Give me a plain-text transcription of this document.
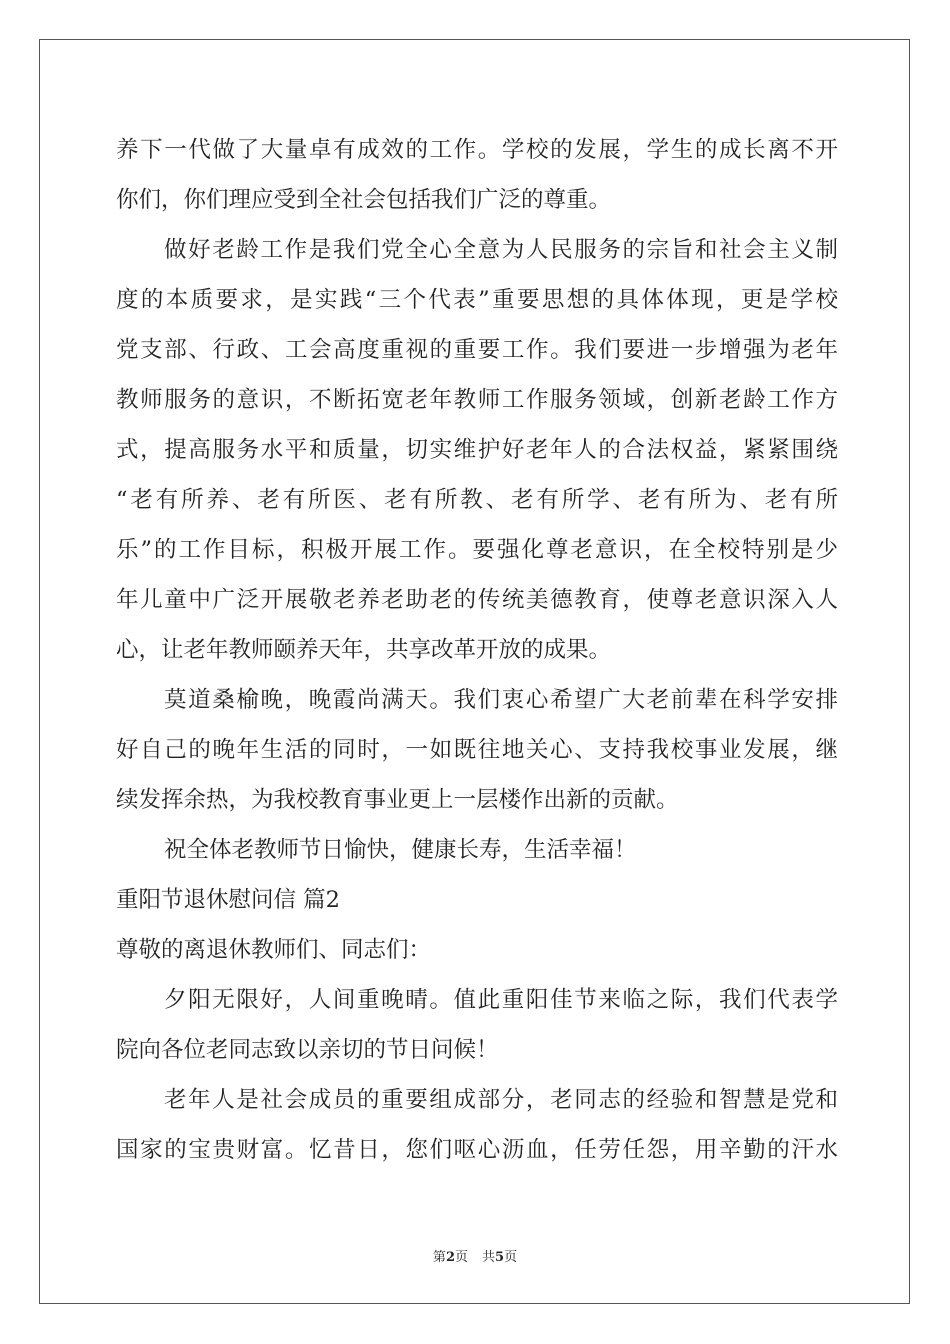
养下一代做了大量卓有成效的工作。学校的发展，学生的成长离不开
你们，你们理应受到全社会包括我们广泛的尊重。
做好老龄工作是我们党全心全意为人民服务的宗旨和社会主义制
度的本质要求，是实践“三个代表”重要思想的具体体现，更是学校
党支部、行政、工会高度重视的重要工作。我们要进一步增强为老年
教师服务的意识，不断拓宽老年教师工作服务领域，创新老龄工作方
式，提高服务水平和质量，切实维护好老年人的合法权益，紧紧围绕
“老有所养、老有所医、老有所教、老有所学、老有所为、老有所
乐”的工作目标，积极开展工作。要强化尊老意识，在全校特别是少
年儿童中广泛开展敬老养老助老的传统美德教育，使尊老意识深入人
心，让老年教师颐养天年，共享改革开放的成果。
莫道桑榆晚，晚霞尚满天。我们衷心希望广大老前辈在科学安排
好自己的晚年生活的同时，一如既往地关心、支持我校事业发展，继
续发挥余热，为我校教育事业更上一层楼作出新的贡献。
祝全体老教师节日愉快，健康长寿，生活幸福！
重阳节退休慰问信 篇2
尊敬的离退休教师们、同志们：
夕阳无限好，人间重晚晴。值此重阳佳节来临之际，我们代表学
院向各位老同志致以亲切的节日问候！
老年人是社会成员的重要组成部分，老同志的经验和智慧是党和
国家的宝贵财富。忆昔日，您们呕心沥血，任劳任怨，用辛勤的汗水
第2页 共5页
